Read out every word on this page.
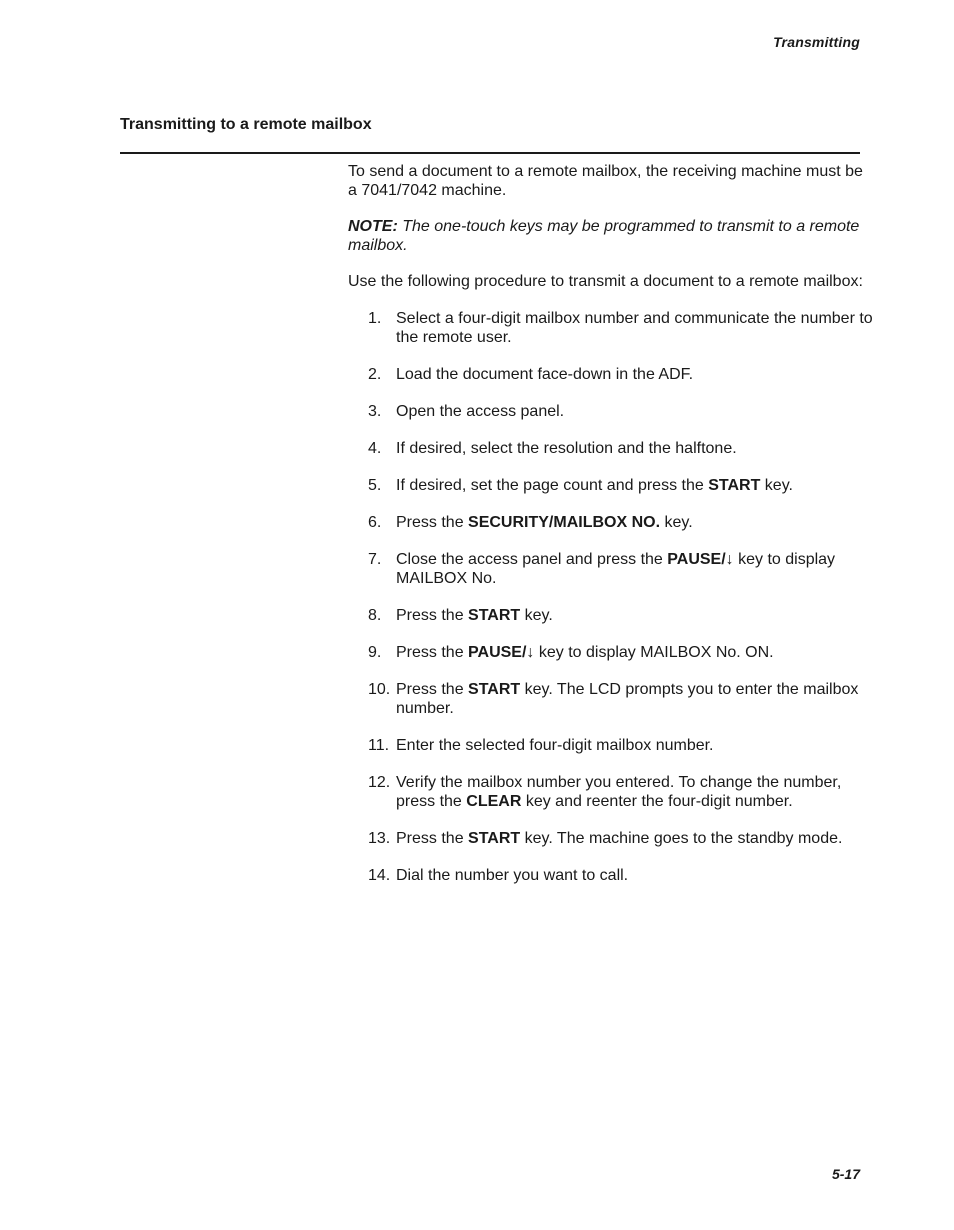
Transmitting
Transmitting to a remote mailbox

To send a document to a remote mailbox, the receiving machine must be a 7041/7042 machine.

NOTE: The one-touch keys may be programmed to transmit to a remote mailbox.

Use the following procedure to transmit a document to a remote mailbox:

1. Select a four-digit mailbox number and communicate the number to the remote user.
2. Load the document face-down in the ADF.
3. Open the access panel.
4. If desired, select the resolution and the halftone.
5. If desired, set the page count and press the START key.
6. Press the SECURITY/MAILBOX NO. key.
7. Close the access panel and press the PAUSE/↓ key to display MAILBOX No.
8. Press the START key.
9. Press the PAUSE/↓ key to display MAILBOX No. ON.
10. Press the START key. The LCD prompts you to enter the mailbox number.
11. Enter the selected four-digit mailbox number.
12. Verify the mailbox number you entered. To change the number, press the CLEAR key and reenter the four-digit number.
13. Press the START key. The machine goes to the standby mode.
14. Dial the number you want to call.
5-17
